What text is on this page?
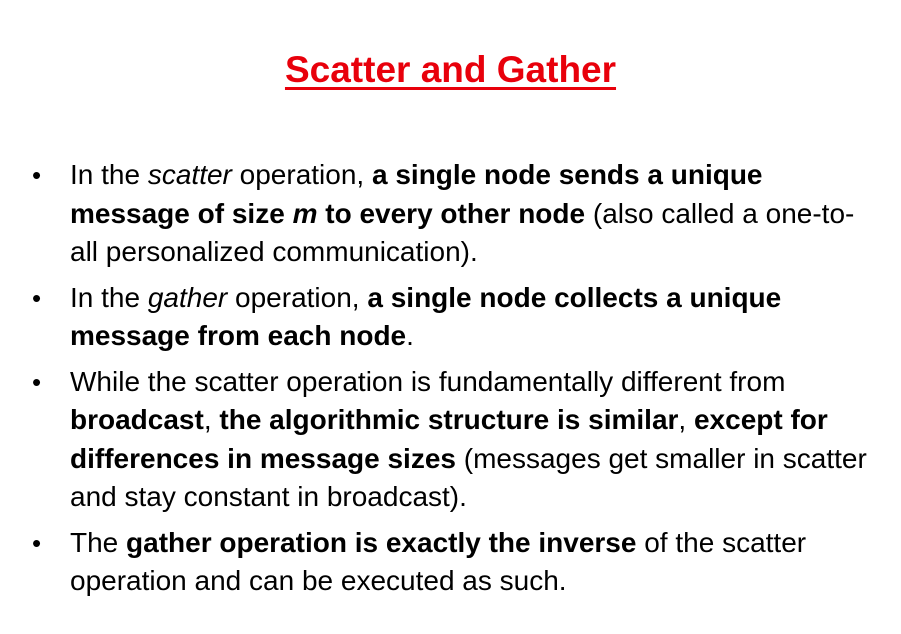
Scatter and Gather
• In the scatter operation, a single node sends a unique message of size m to every other node (also called a one-to-all personalized communication).
• In the gather operation, a single node collects a unique message from each node.
• While the scatter operation is fundamentally different from broadcast, the algorithmic structure is similar, except for differences in message sizes (messages get smaller in scatter and stay constant in broadcast).
• The gather operation is exactly the inverse of the scatter operation and can be executed as such.
